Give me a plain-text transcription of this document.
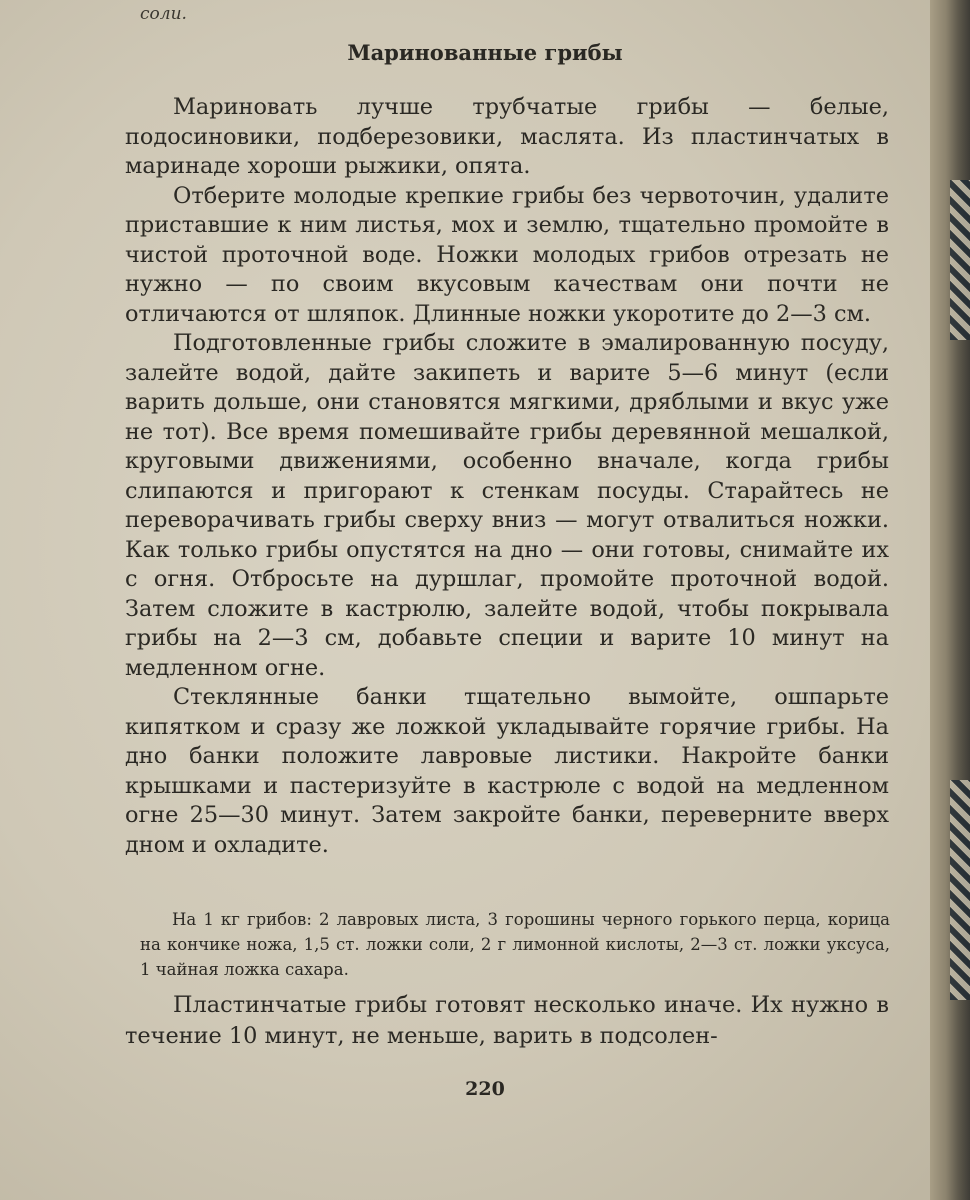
соли.
Маринованные грибы

Мариновать лучше трубчатые грибы — белые, подосиновики, подберезовики, маслята. Из пластинчатых в маринаде хороши рыжики, опята.

Отберите молодые крепкие грибы без червоточин, удалите приставшие к ним листья, мох и землю, тщательно промойте в чистой проточной воде. Ножки молодых грибов отрезать не нужно — по своим вкусовым качествам они почти не отличаются от шляпок. Длинные ножки укоротите до 2—3 см.

Подготовленные грибы сложите в эмалированную посуду, залейте водой, дайте закипеть и варите 5—6 минут (если варить дольше, они становятся мягкими, дряблыми и вкус уже не тот). Все время помешивайте грибы деревянной мешалкой, круговыми движениями, особенно вначале, когда грибы слипаются и пригорают к стенкам посуды. Старайтесь не переворачивать грибы сверху вниз — могут отвалиться ножки. Как только грибы опустятся на дно — они готовы, снимайте их с огня. Отбросьте на дуршлаг, промойте проточной водой. Затем сложите в кастрюлю, залейте водой, чтобы покрывала грибы на 2—3 см, добавьте специи и варите 10 минут на медленном огне.

Стеклянные банки тщательно вымойте, ошпарьте кипятком и сразу же ложкой укладывайте горячие грибы. На дно банки положите лавровые листики. Накройте банки крышками и пастеризуйте в кастрюле с водой на медленном огне 25—30 минут. Затем закройте банки, переверните вверх дном и охладите.

На 1 кг грибов: 2 лавровых листа, 3 горошины черного горького перца, корица на кончике ножа, 1,5 ст. ложки соли, 2 г лимонной кислоты, 2—3 ст. ложки уксуса, 1 чайная ложка сахара.

Пластинчатые грибы готовят несколько иначе. Их нужно в течение 10 минут, не меньше, варить в подсолен-

220
